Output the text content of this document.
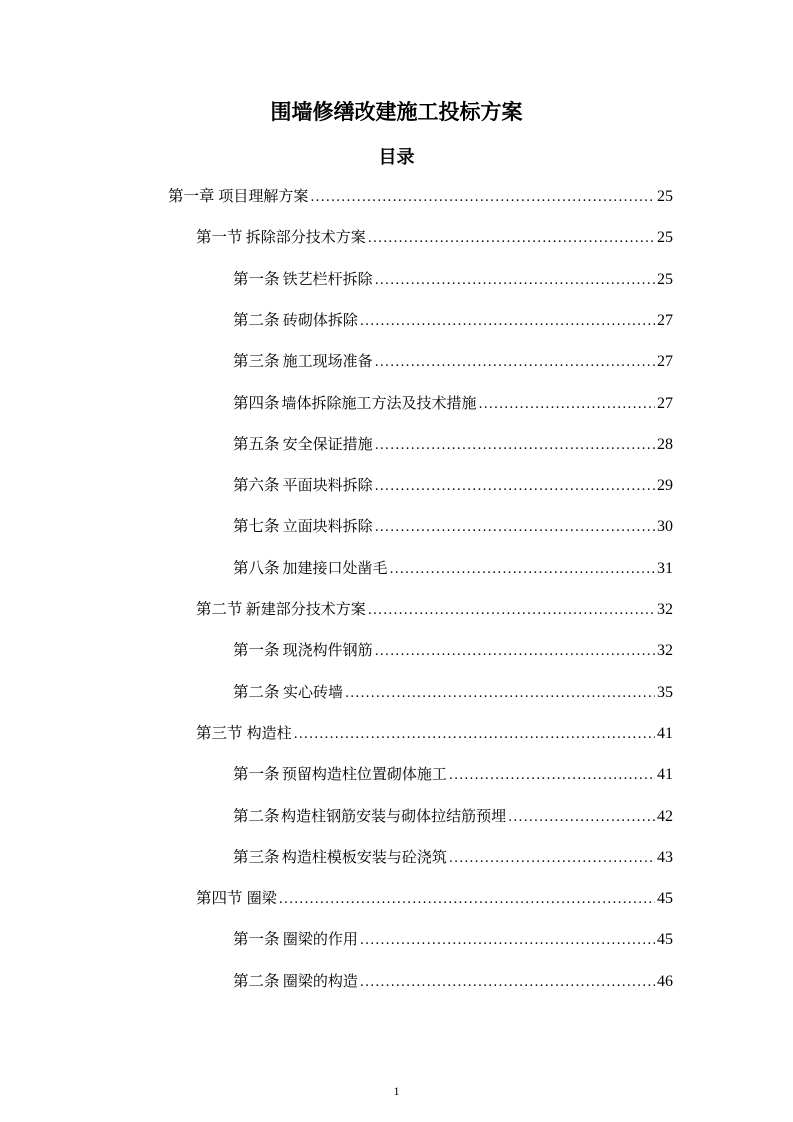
围墙修缮改建施工投标方案
目录
第一章 项目理解方案 .....	25
第一节 拆除部分技术方案 .....	25
第一条 铁艺栏杆拆除 .....	25
第二条 砖砌体拆除 .....	27
第三条 施工现场准备 .....	27
第四条 墙体拆除施工方法及技术措施 .....	27
第五条 安全保证措施 .....	28
第六条 平面块料拆除 .....	29
第七条 立面块料拆除 .....	30
第八条 加建接口处凿毛 .....	31
第二节 新建部分技术方案 .....	32
第一条 现浇构件钢筋 .....	32
第二条 实心砖墙 .....	35
第三节 构造柱 .....	41
第一条 预留构造柱位置砌体施工 .....	41
第二条 构造柱钢筋安装与砌体拉结筋预埋 .....	42
第三条 构造柱模板安装与砼浇筑 .....	43
第四节 圈梁 .....	45
第一条 圈梁的作用 .....	45
第二条 圈梁的构造 .....	46
1
